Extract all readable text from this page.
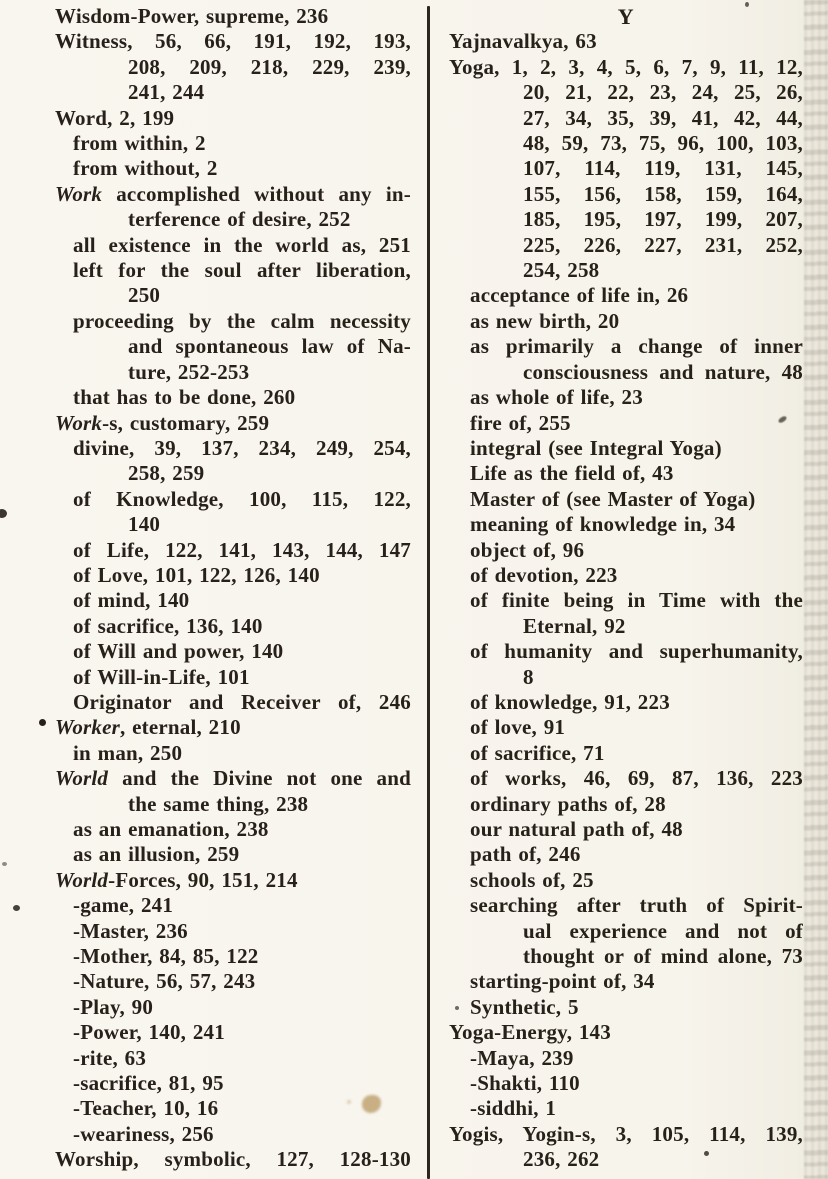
Wisdom-Power, supreme, 236
Witness, 56, 66, 191, 192, 193,
208, 209, 218, 229, 239,
241, 244
Word, 2, 199
from within, 2
from without, 2
Work accomplished without any in-
terference of desire, 252
all existence in the world as, 251
left for the soul after liberation,
250
proceeding by the calm necessity
and spontaneous law of Na-
ture, 252-253
that has to be done, 260
Work-s, customary, 259
divine, 39, 137, 234, 249, 254,
258, 259
of Knowledge, 100, 115, 122,
140
of Life, 122, 141, 143, 144, 147
of Love, 101, 122, 126, 140
of mind, 140
of sacrifice, 136, 140
of Will and power, 140
of Will-in-Life, 101
Originator and Receiver of, 246
Worker, eternal, 210
in man, 250
World and the Divine not one and
the same thing, 238
as an emanation, 238
as an illusion, 259
World-Forces, 90, 151, 214
-game, 241
-Master, 236
-Mother, 84, 85, 122
-Nature, 56, 57, 243
-Play, 90
-Power, 140, 241
-rite, 63
-sacrifice, 81, 95
-Teacher, 10, 16
-weariness, 256
Worship, symbolic, 127, 128-130
Y
Yajnavalkya, 63
Yoga, 1, 2, 3, 4, 5, 6, 7, 9, 11, 12,
20, 21, 22, 23, 24, 25, 26,
27, 34, 35, 39, 41, 42, 44,
48, 59, 73, 75, 96, 100, 103,
107, 114, 119, 131, 145,
155, 156, 158, 159, 164,
185, 195, 197, 199, 207,
225, 226, 227, 231, 252,
254, 258
acceptance of life in, 26
as new birth, 20
as primarily a change of inner
consciousness and nature, 48
as whole of life, 23
fire of, 255
integral (see Integral Yoga)
Life as the field of, 43
Master of (see Master of Yoga)
meaning of knowledge in, 34
object of, 96
of devotion, 223
of finite being in Time with the
Eternal, 92
of humanity and superhumanity,
8
of knowledge, 91, 223
of love, 91
of sacrifice, 71
of works, 46, 69, 87, 136, 223
ordinary paths of, 28
our natural path of, 48
path of, 246
schools of, 25
searching after truth of Spirit-
ual experience and not of
thought or of mind alone, 73
starting-point of, 34
Synthetic, 5
Yoga-Energy, 143
-Maya, 239
-Shakti, 110
-siddhi, 1
Yogis, Yogin-s, 3, 105, 114, 139,
236, 262
